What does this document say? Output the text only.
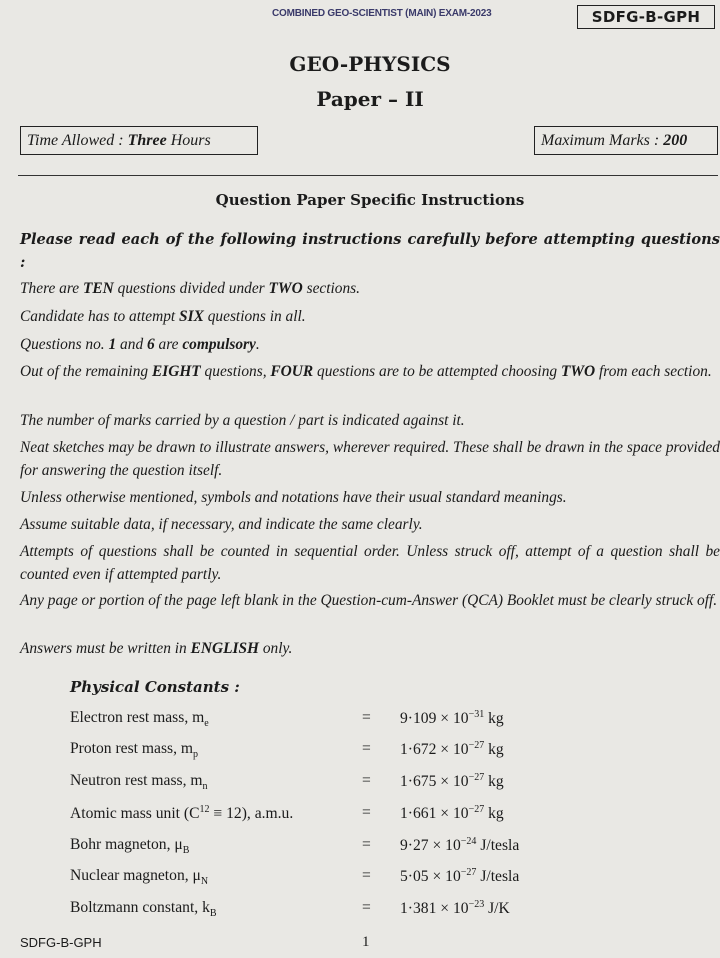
COMBINED GEO-SCIENTIST (MAIN) EXAM-2023	SDFG-B-GPH
GEO-PHYSICS
Paper – II
Time Allowed : Three Hours	Maximum Marks : 200
Question Paper Specific Instructions

Please read each of the following instructions carefully before attempting questions :

There are TEN questions divided under TWO sections.

Candidate has to attempt SIX questions in all.

Questions no. 1 and 6 are compulsory.

Out of the remaining EIGHT questions, FOUR questions are to be attempted choosing TWO from each section.

The number of marks carried by a question / part is indicated against it.

Neat sketches may be drawn to illustrate answers, wherever required. These shall be drawn in the space provided for answering the question itself.

Unless otherwise mentioned, symbols and notations have their usual standard meanings.

Assume suitable data, if necessary, and indicate the same clearly.

Attempts of questions shall be counted in sequential order. Unless struck off, attempt of a question shall be counted even if attempted partly.

Any page or portion of the page left blank in the Question-cum-Answer (QCA) Booklet must be clearly struck off.

Answers must be written in ENGLISH only.

Physical Constants :
Electron rest mass, $m_e$	= $9\cdot 109 \times 10^{-31}$ kg
Proton rest mass, $m_p$	= $1\cdot 672 \times 10^{-27}$ kg
Neutron rest mass, $m_n$	= $1\cdot 675 \times 10^{-27}$ kg
Atomic mass unit $(C^{12} \equiv 12)$, a.m.u.	= $1\cdot 661 \times 10^{-27}$ kg
Bohr magneton, $\mu_B$	= $9\cdot 27 \times 10^{-24}$ J/tesla
Nuclear magneton, $\mu_N$	= $5\cdot 05 \times 10^{-27}$ J/tesla
Boltzmann constant, $k_B$	= $1\cdot 381 \times 10^{-23}$ J/K
SDFG-B-GPH	1
